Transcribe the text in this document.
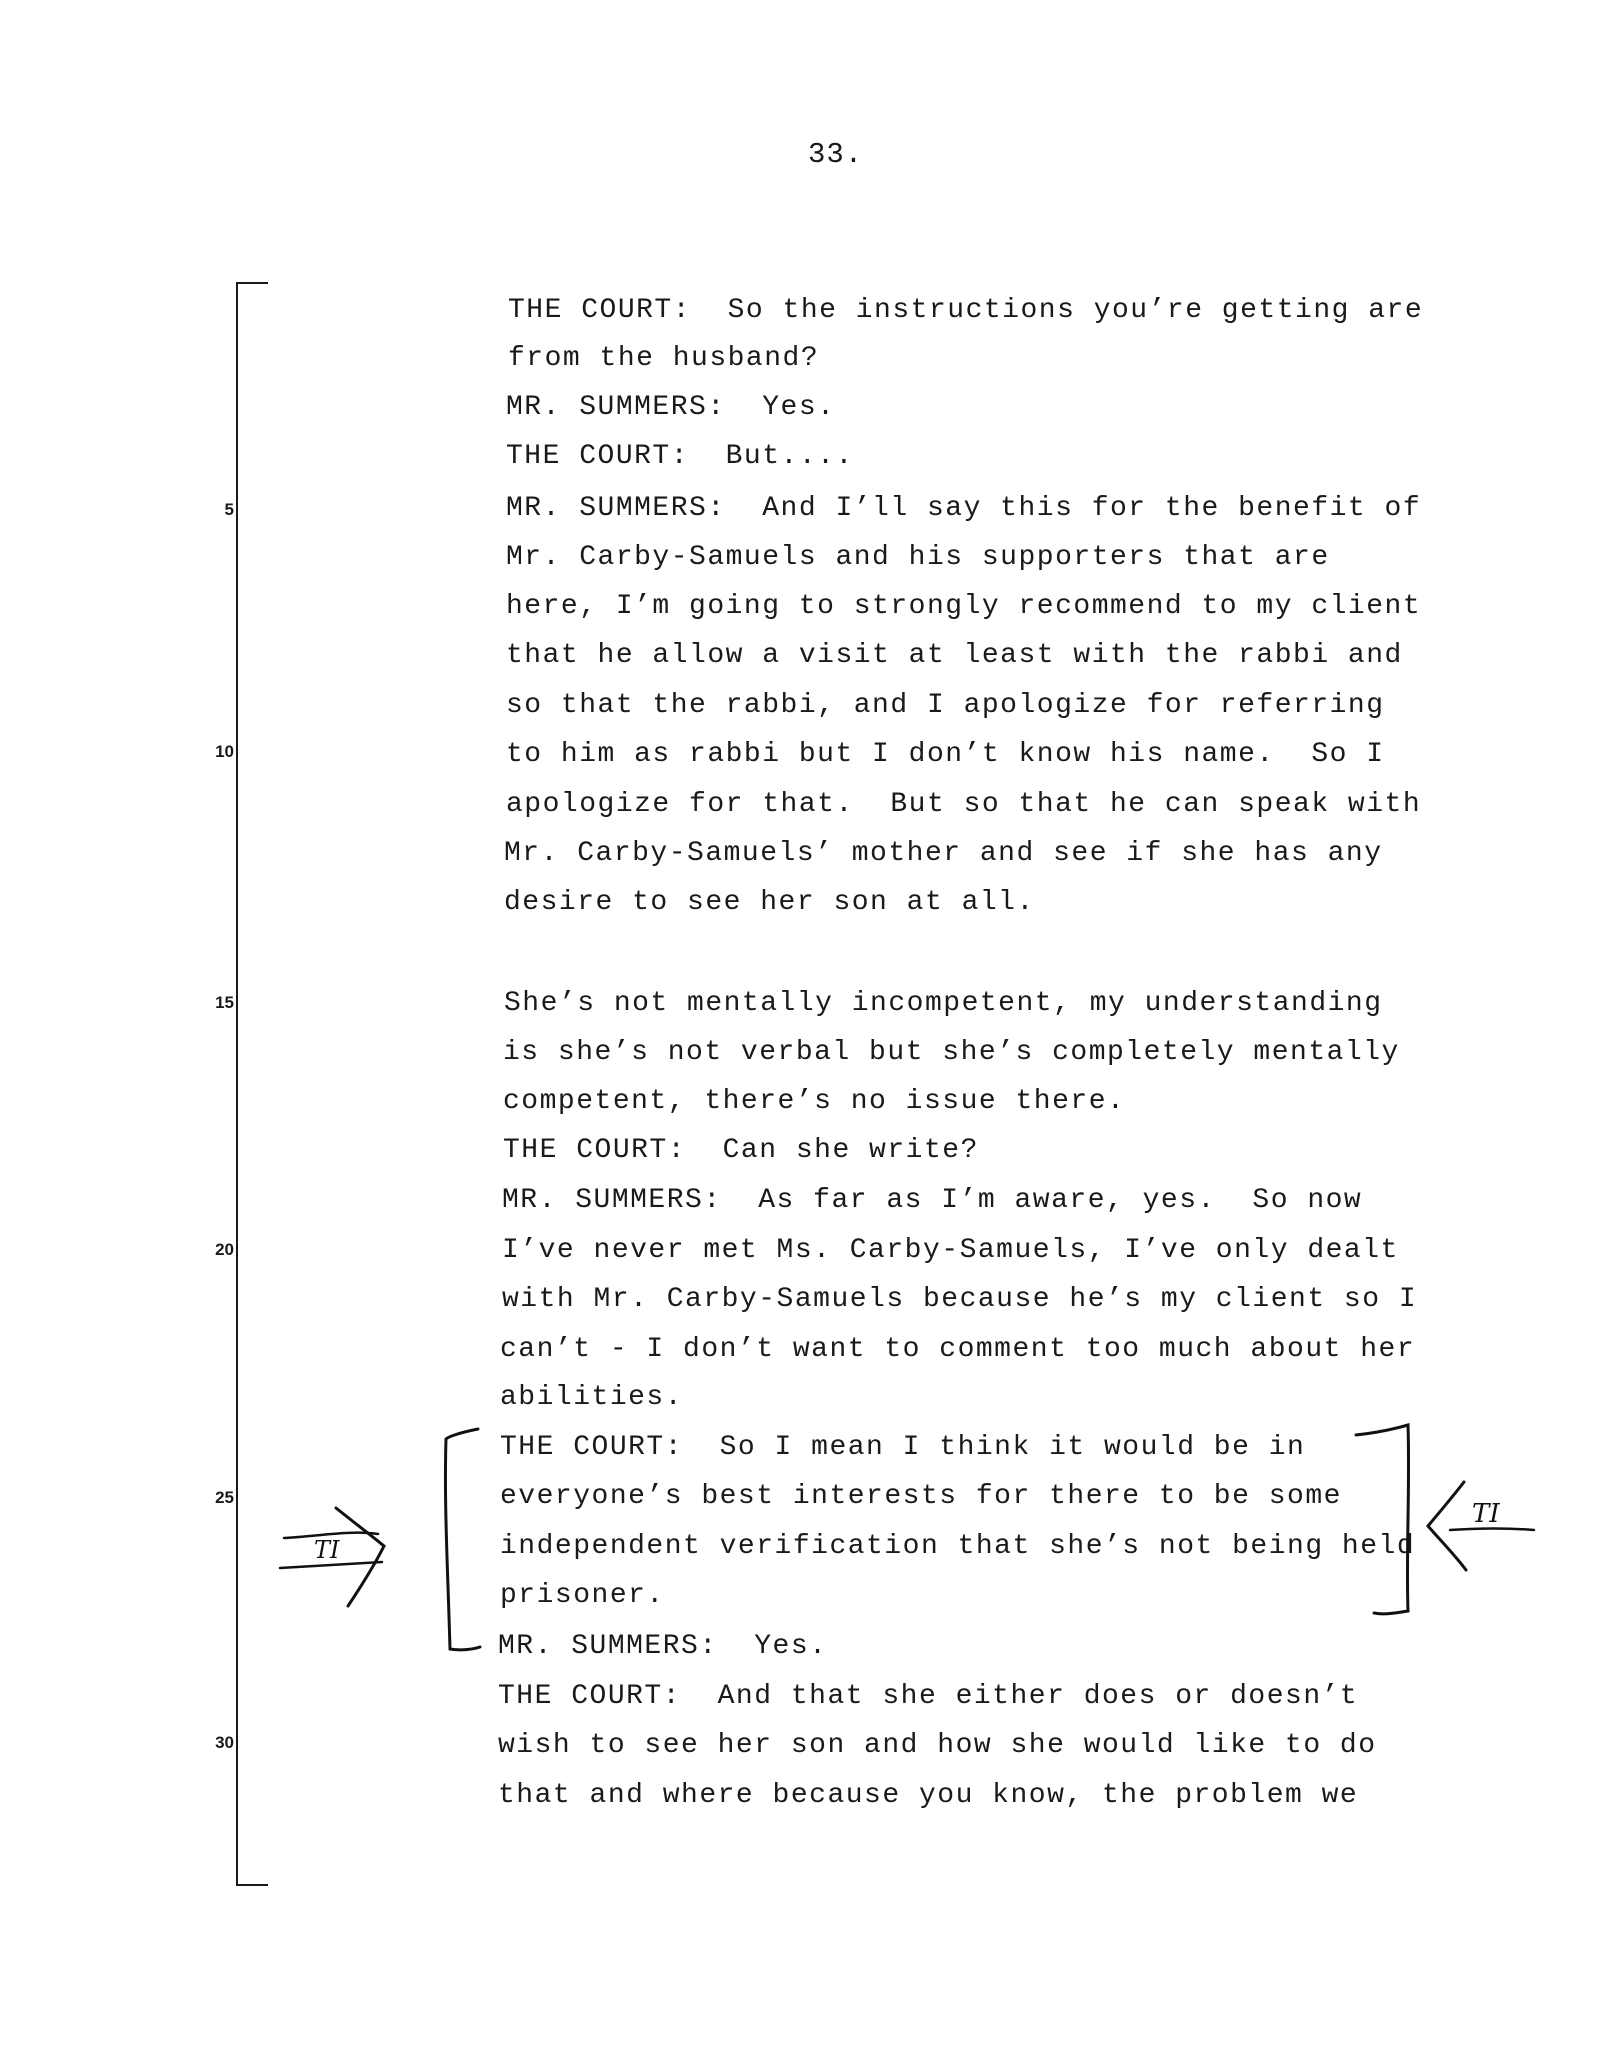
33.
5
10
15
20
25
30
THE COURT:  So the instructions you’re getting are
from the husband?
MR. SUMMERS:  Yes.
THE COURT:  But....
MR. SUMMERS:  And I’ll say this for the benefit of
Mr. Carby-Samuels and his supporters that are
here, I’m going to strongly recommend to my client
that he allow a visit at least with the rabbi and
so that the rabbi, and I apologize for referring
to him as rabbi but I don’t know his name.  So I
apologize for that.  But so that he can speak with
Mr. Carby-Samuels’ mother and see if she has any
desire to see her son at all.
She’s not mentally incompetent, my understanding
is she’s not verbal but she’s completely mentally
competent, there’s no issue there.
THE COURT:  Can she write?
MR. SUMMERS:  As far as I’m aware, yes.  So now
I’ve never met Ms. Carby-Samuels, I’ve only dealt
with Mr. Carby-Samuels because he’s my client so I
can’t - I don’t want to comment too much about her
abilities.
THE COURT:  So I mean I think it would be in
everyone’s best interests for there to be some
independent verification that she’s not being held
prisoner.
MR. SUMMERS:  Yes.
THE COURT:  And that she either does or doesn’t
wish to see her son and how she would like to do
that and where because you know, the problem we
TI
TI
